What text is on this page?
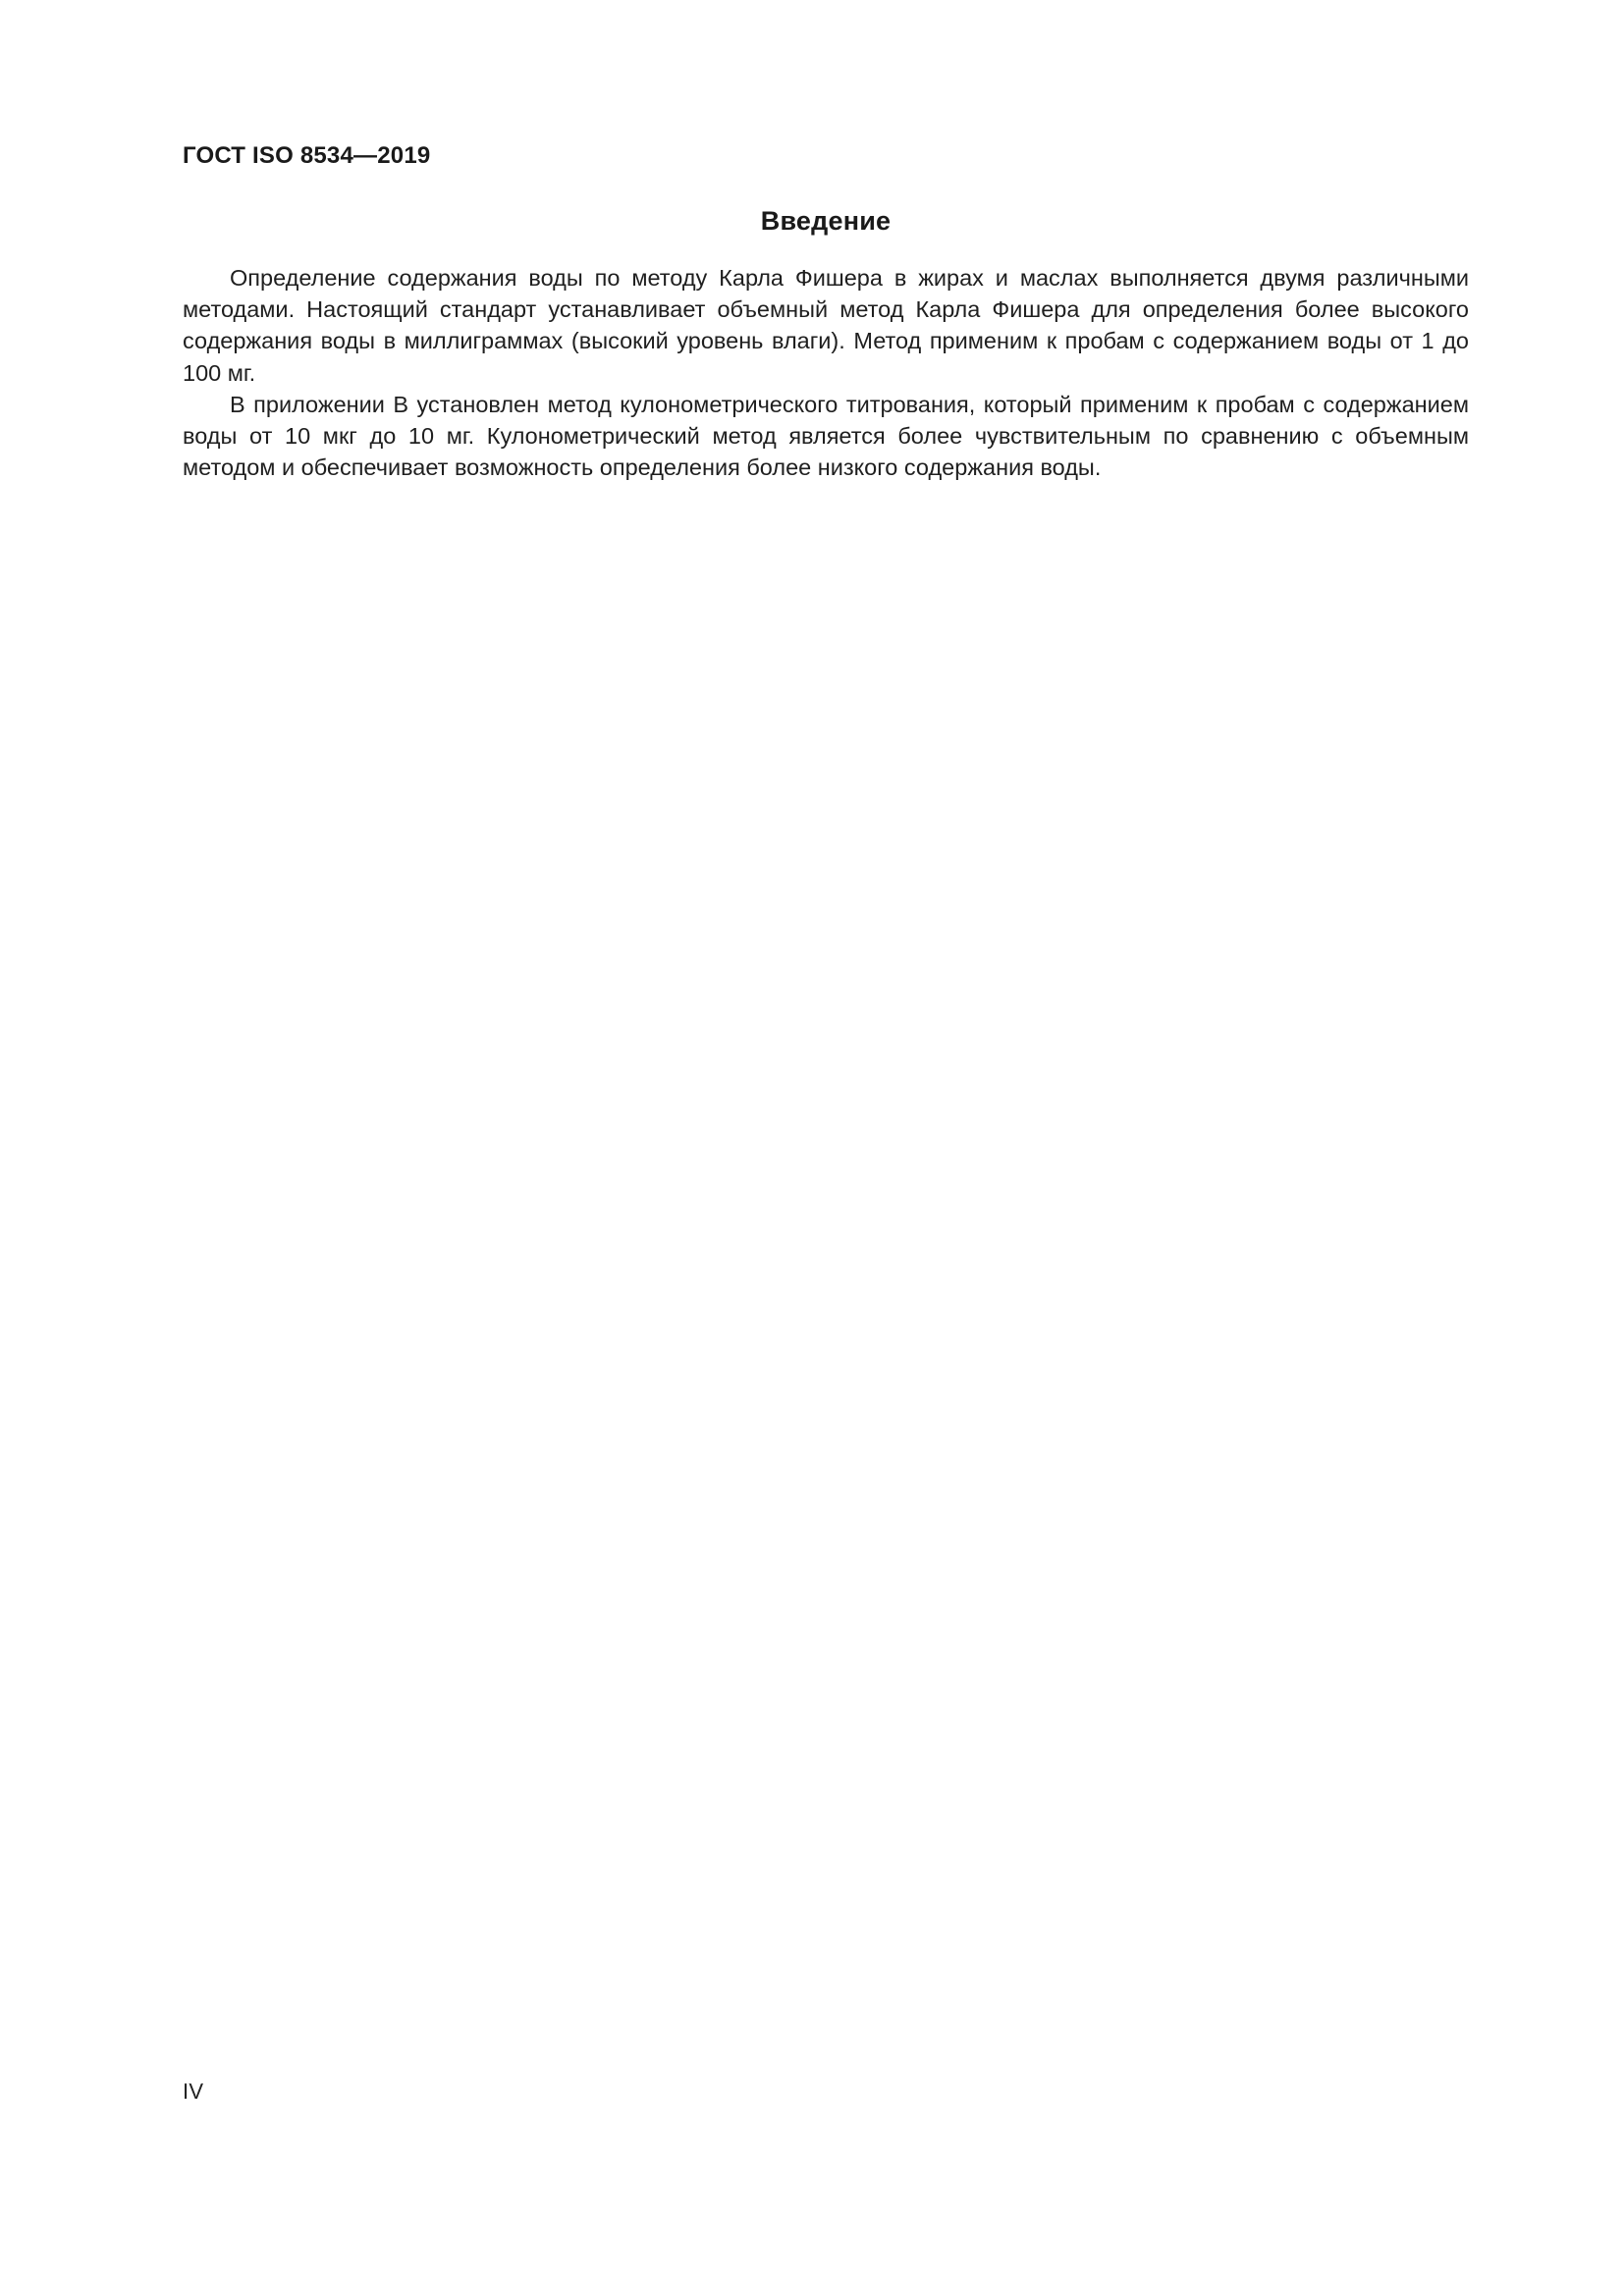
ГОСТ ISO 8534—2019
Введение

Определение содержания воды по методу Карла Фишера в жирах и маслах выполняется двумя различными методами. Настоящий стандарт устанавливает объемный метод Карла Фишера для определения более высокого содержания воды в миллиграммах (высокий уровень влаги). Метод применим к пробам с содержанием воды от 1 до 100 мг.

В приложении В установлен метод кулонометрического титрования, который применим к пробам с содержанием воды от 10 мкг до 10 мг. Кулонометрический метод является более чувствительным по сравнению с объемным методом и обеспечивает возможность определения более низкого содержания воды.

IV
